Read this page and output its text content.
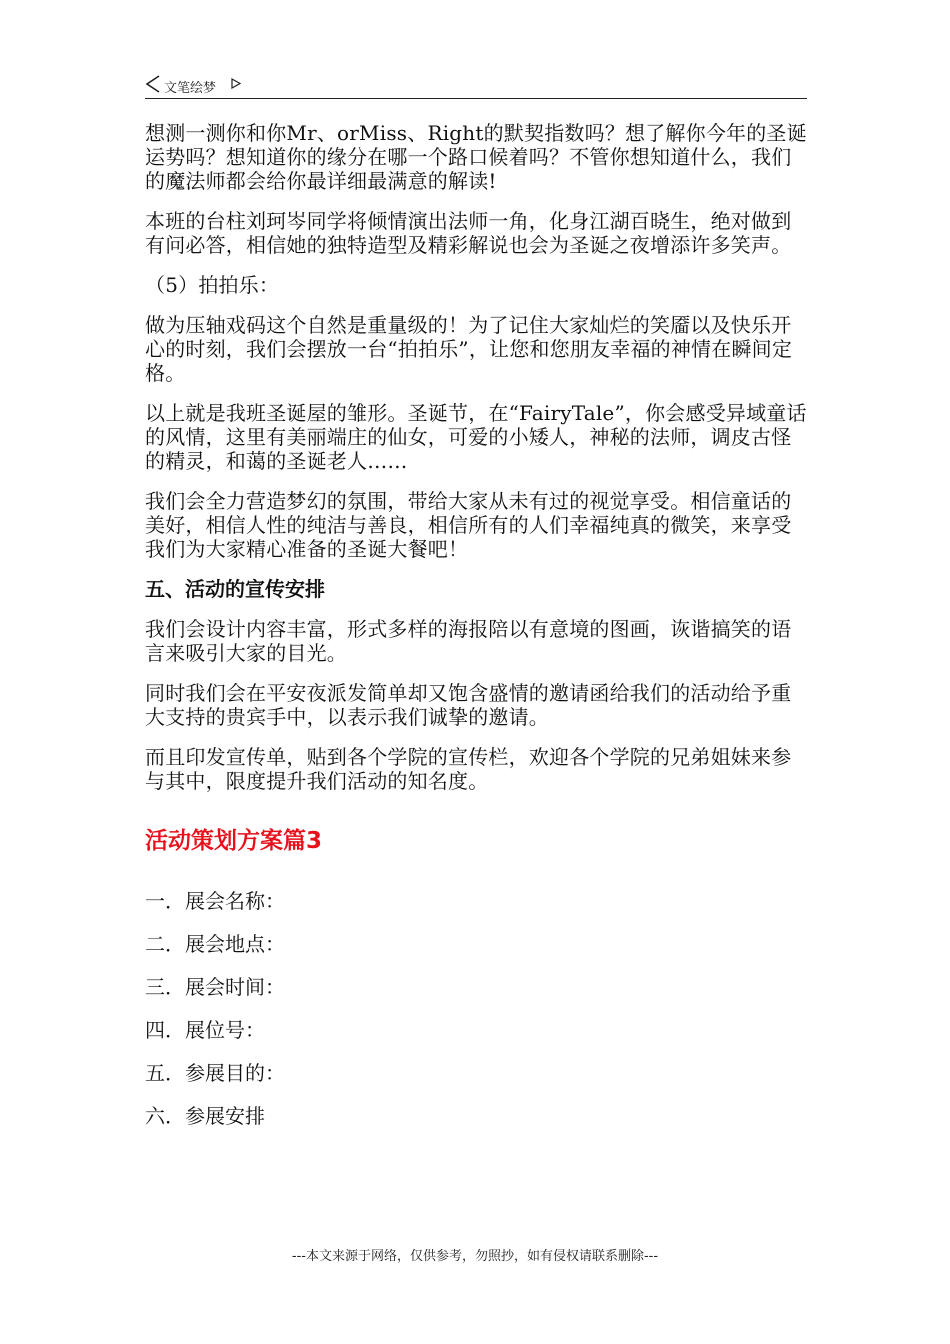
文笔绘梦

想测一测你和你Mr、orMiss、Right的默契指数吗？想了解你今年的圣诞运势吗？想知道你的缘分在哪一个路口候着吗？不管你想知道什么，我们的魔法师都会给你最详细最满意的解读!

本班的台柱刘珂岑同学将倾情演出法师一角，化身江湖百晓生，绝对做到有问必答，相信她的独特造型及精彩解说也会为圣诞之夜增添许多笑声。

（5）拍拍乐：

做为压轴戏码这个自然是重量级的！为了记住大家灿烂的笑靥以及快乐开心的时刻，我们会摆放一台“拍拍乐”，让您和您朋友幸福的神情在瞬间定格。

以上就是我班圣诞屋的雏形。圣诞节，在“FairyTale”，你会感受异域童话的风情，这里有美丽端庄的仙女，可爱的小矮人，神秘的法师，调皮古怪的精灵，和蔼的圣诞老人……

我们会全力营造梦幻的氛围，带给大家从未有过的视觉享受。相信童话的美好，相信人性的纯洁与善良，相信所有的人们幸福纯真的微笑，来享受我们为大家精心准备的圣诞大餐吧！

五、活动的宣传安排

我们会设计内容丰富，形式多样的海报陪以有意境的图画，诙谐搞笑的语言来吸引大家的目光。

同时我们会在平安夜派发简单却又饱含盛情的邀请函给我们的活动给予重大支持的贵宾手中，以表示我们诚挚的邀请。

而且印发宣传单，贴到各个学院的宣传栏，欢迎各个学院的兄弟姐妹来参与其中，限度提升我们活动的知名度。

活动策划方案篇3

一．展会名称：

二．展会地点：

三．展会时间：

四．展位号：

五．参展目的：

六．参展安排

---本文来源于网络，仅供参考，勿照抄，如有侵权请联系删除---
